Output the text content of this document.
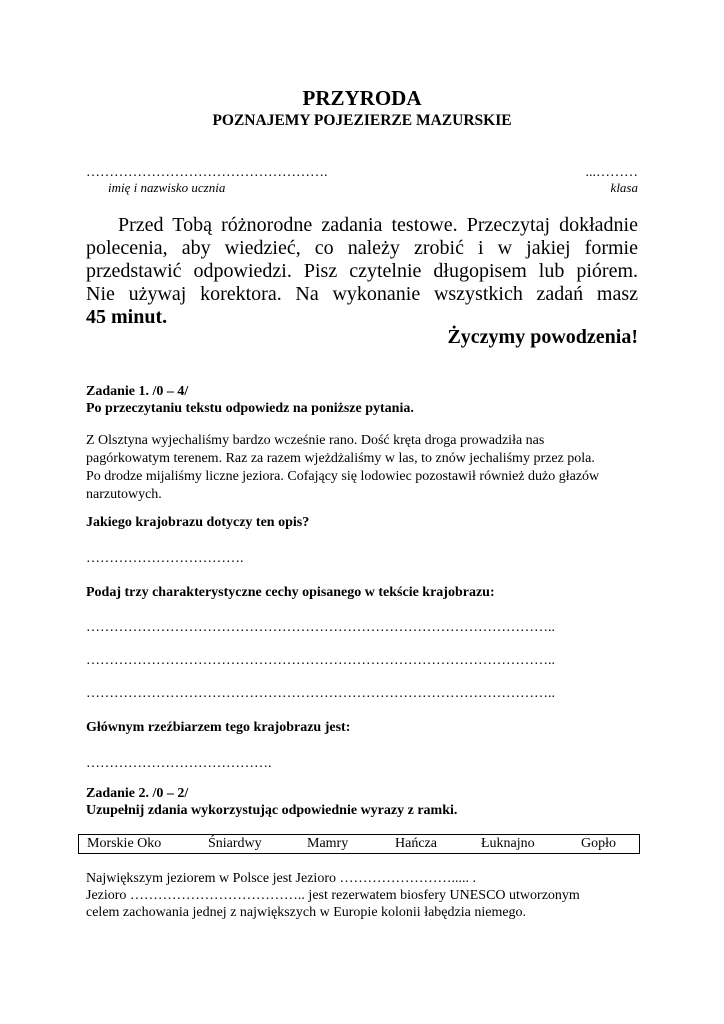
PRZYRODA
POZNAJEMY POJEZIERZE MAZURSKIE
…………………………………………….	...………
imię i nazwisko ucznia	klasa
Przed Tobą różnorodne zadania testowe. Przeczytaj dokładnie
polecenia, aby wiedzieć, co należy zrobić i w jakiej formie
przedstawić odpowiedzi. Pisz czytelnie długopisem lub piórem.
Nie używaj korektora. Na wykonanie wszystkich zadań masz
45 minut.
Życzymy powodzenia!
Zadanie 1. /0 – 4/
Po przeczytaniu tekstu odpowiedz na poniższe pytania.
Z Olsztyna wyjechaliśmy bardzo wcześnie rano. Dość kręta droga prowadziła nas
pagórkowatym terenem. Raz za razem wjeżdżaliśmy w las, to znów jechaliśmy przez pola.
Po drodze mijaliśmy liczne jeziora. Cofający się lodowiec pozostawił również dużo głazów
narzutowych.
Jakiego krajobrazu dotyczy ten opis?
…………………………….
Podaj trzy charakterystyczne cechy opisanego w tekście krajobrazu:
………………………………………………………………………………………..
………………………………………………………………………………………..
………………………………………………………………………………………..
Głównym rzeźbiarzem tego krajobrazu jest:
………………………………….
Zadanie 2. /0 – 2/
Uzupełnij zdania wykorzystując odpowiednie wyrazy z ramki.
Morskie Oko	Śniardwy	Mamry	Hańcza	Łuknajno	Gopło
Największym jeziorem w Polsce jest Jezioro ……………………..... .
Jezioro ……………………………….. jest rezerwatem biosfery UNESCO utworzonym
celem zachowania jednej z największych w Europie kolonii łabędzia niemego.
